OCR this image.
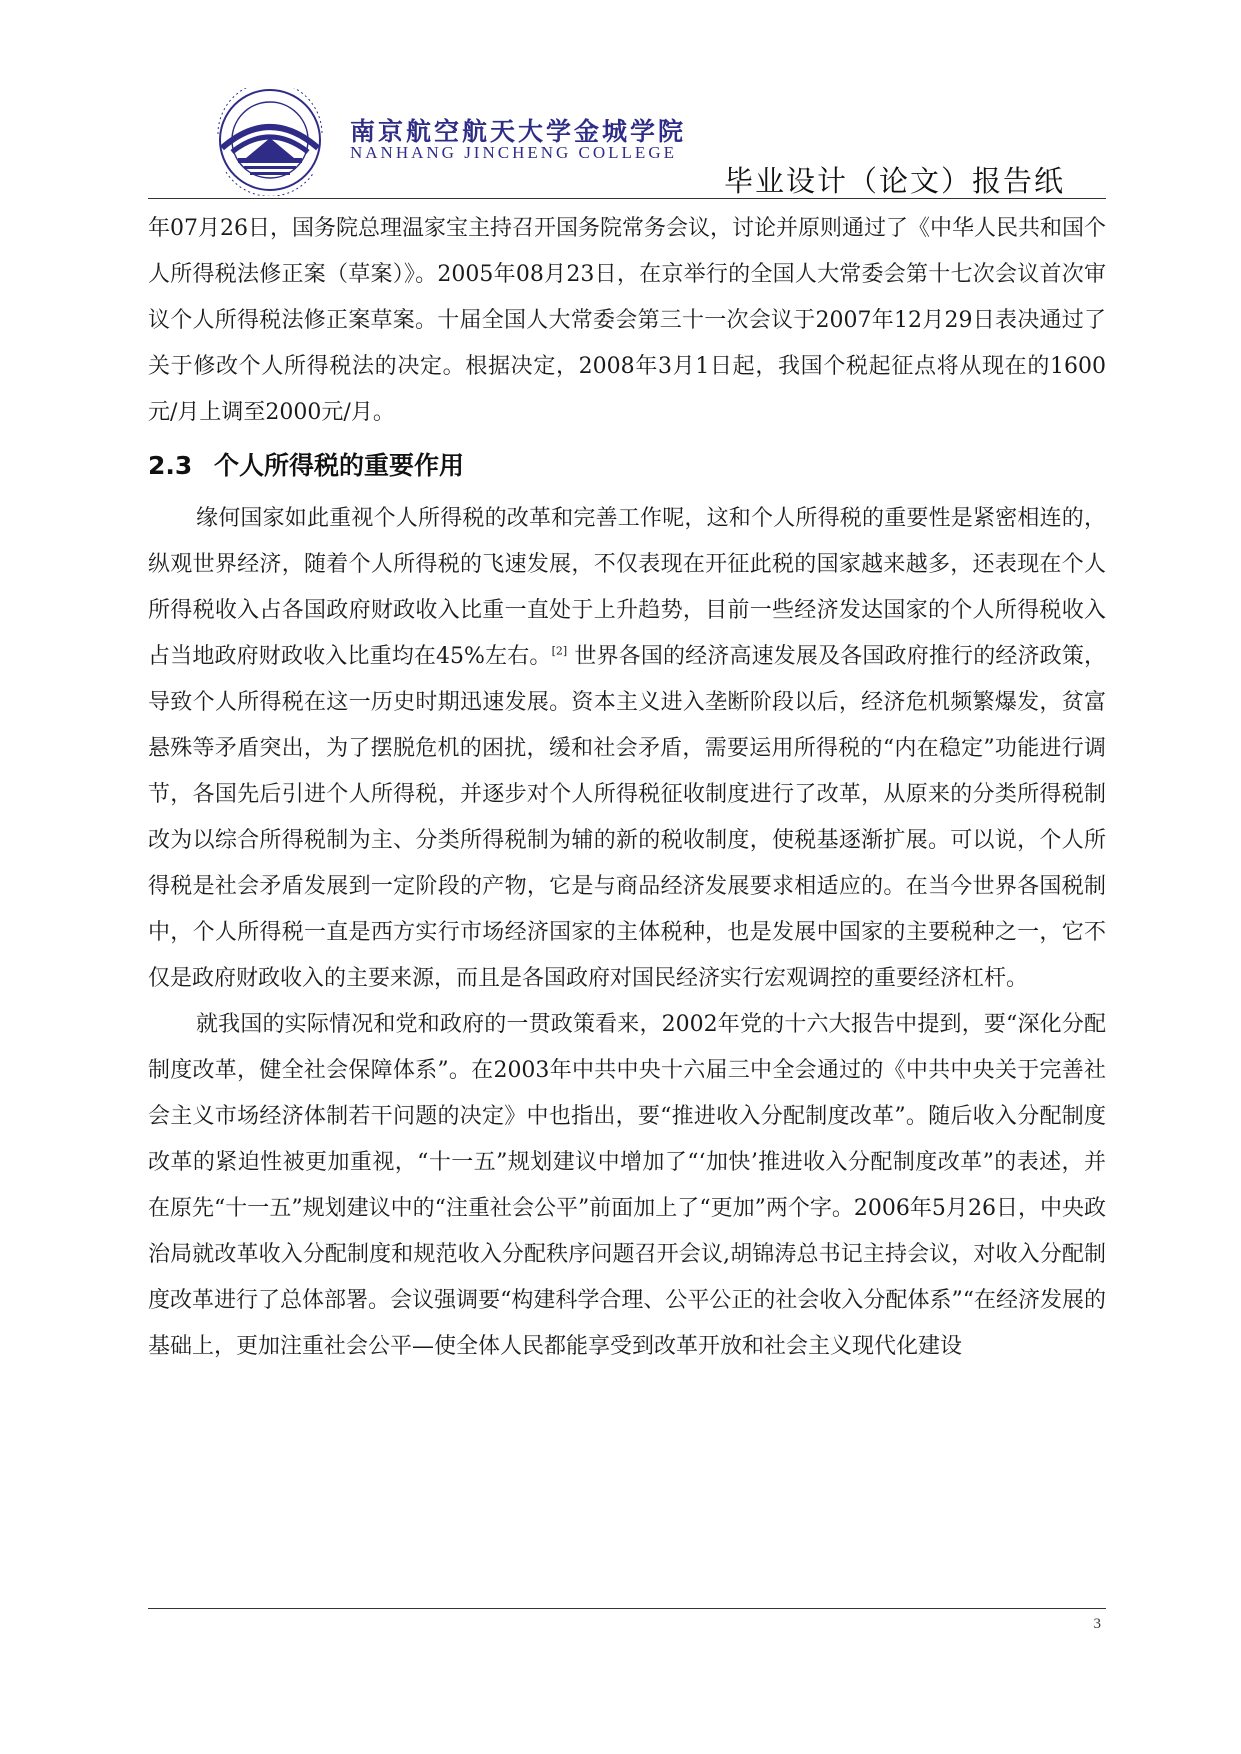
南京航空航天大学金城学院
NANHANG JINCHENG COLLEGE
毕业设计（论文）报告纸

年07月26日，国务院总理温家宝主持召开国务院常务会议，讨论并原则通过了《中华人民共和国个人所得税法修正案（草案）》。2005年08月23日，在京举行的全国人大常委会第十七次会议首次审议个人所得税法修正案草案。十届全国人大常委会第三十一次会议于2007年12月29日表决通过了关于修改个人所得税法的决定。根据决定，2008年3月1日起，我国个税起征点将从现在的1600元/月上调至2000元/月。

2.3 个人所得税的重要作用

缘何国家如此重视个人所得税的改革和完善工作呢，这和个人所得税的重要性是紧密相连的，纵观世界经济，随着个人所得税的飞速发展，不仅表现在开征此税的国家越来越多，还表现在个人所得税收入占各国政府财政收入比重一直处于上升趋势，目前一些经济发达国家的个人所得税收入占当地政府财政收入比重均在45%左右。[2] 世界各国的经济高速发展及各国政府推行的经济政策，导致个人所得税在这一历史时期迅速发展。资本主义进入垄断阶段以后，经济危机频繁爆发，贫富悬殊等矛盾突出，为了摆脱危机的困扰，缓和社会矛盾，需要运用所得税的“内在稳定”功能进行调节，各国先后引进个人所得税，并逐步对个人所得税征收制度进行了改革，从原来的分类所得税制改为以综合所得税制为主、分类所得税制为辅的新的税收制度，使税基逐渐扩展。可以说，个人所得税是社会矛盾发展到一定阶段的产物，它是与商品经济发展要求相适应的。在当今世界各国税制中，个人所得税一直是西方实行市场经济国家的主体税种，也是发展中国家的主要税种之一，它不仅是政府财政收入的主要来源，而且是各国政府对国民经济实行宏观调控的重要经济杠杆。

就我国的实际情况和党和政府的一贯政策看来，2002年党的十六大报告中提到，要“深化分配制度改革，健全社会保障体系”。在2003年中共中央十六届三中全会通过的《中共中央关于完善社会主义市场经济体制若干问题的决定》中也指出，要“推进收入分配制度改革”。随后收入分配制度改革的紧迫性被更加重视，“十一五”规划建议中增加了“‘加快’推进收入分配制度改革”的表述，并在原先“十一五”规划建议中的“注重社会公平”前面加上了“更加”两个字。2006年5月26日，中央政治局就改革收入分配制度和规范收入分配秩序问题召开会议,胡锦涛总书记主持会议，对收入分配制度改革进行了总体部署。会议强调要“构建科学合理、公平公正的社会收入分配体系”“在经济发展的基础上，更加注重社会公平—使全体人民都能享受到改革开放和社会主义现代化建设

3
